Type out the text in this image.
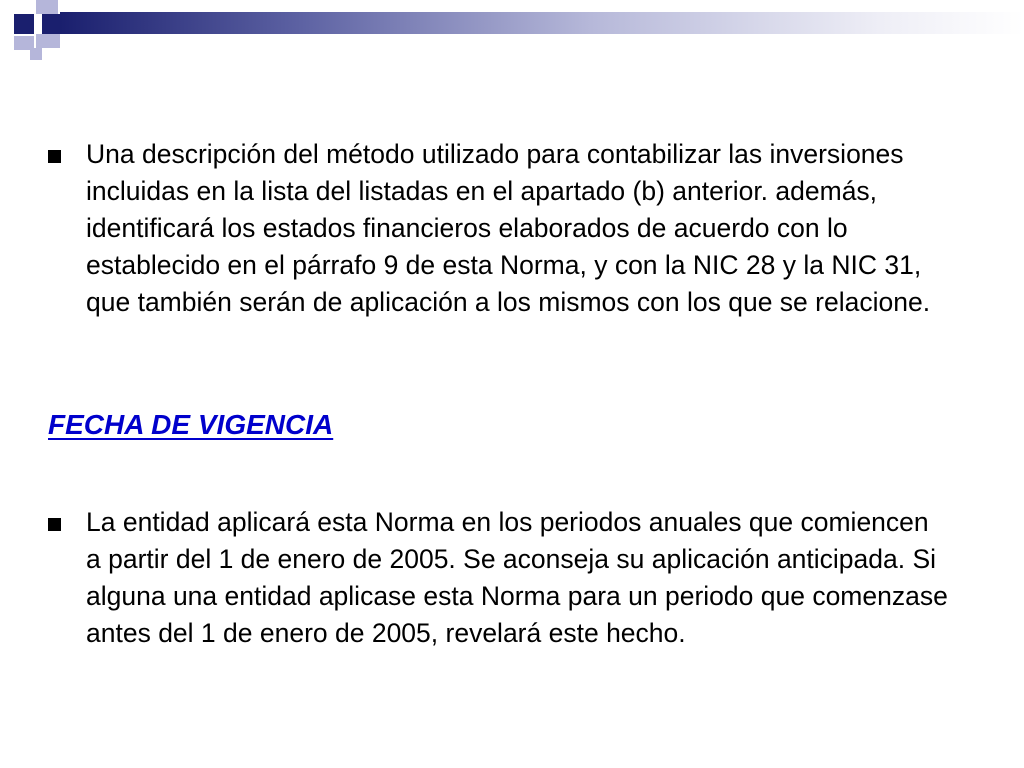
Una descripción del método utilizado para contabilizar las inversiones incluidas en la lista del listadas en el apartado (b) anterior. además, identificará los estados financieros elaborados de acuerdo con lo establecido en el párrafo 9 de esta Norma, y con la NIC 28 y la NIC 31, que también serán de aplicación a los mismos con los que se relacione.
FECHA DE VIGENCIA
La entidad aplicará esta Norma en los periodos anuales que comiencen a partir del 1 de enero de 2005. Se aconseja su aplicación anticipada. Si alguna una entidad aplicase esta Norma para un periodo que comenzase antes del 1 de enero de 2005, revelará este hecho.
